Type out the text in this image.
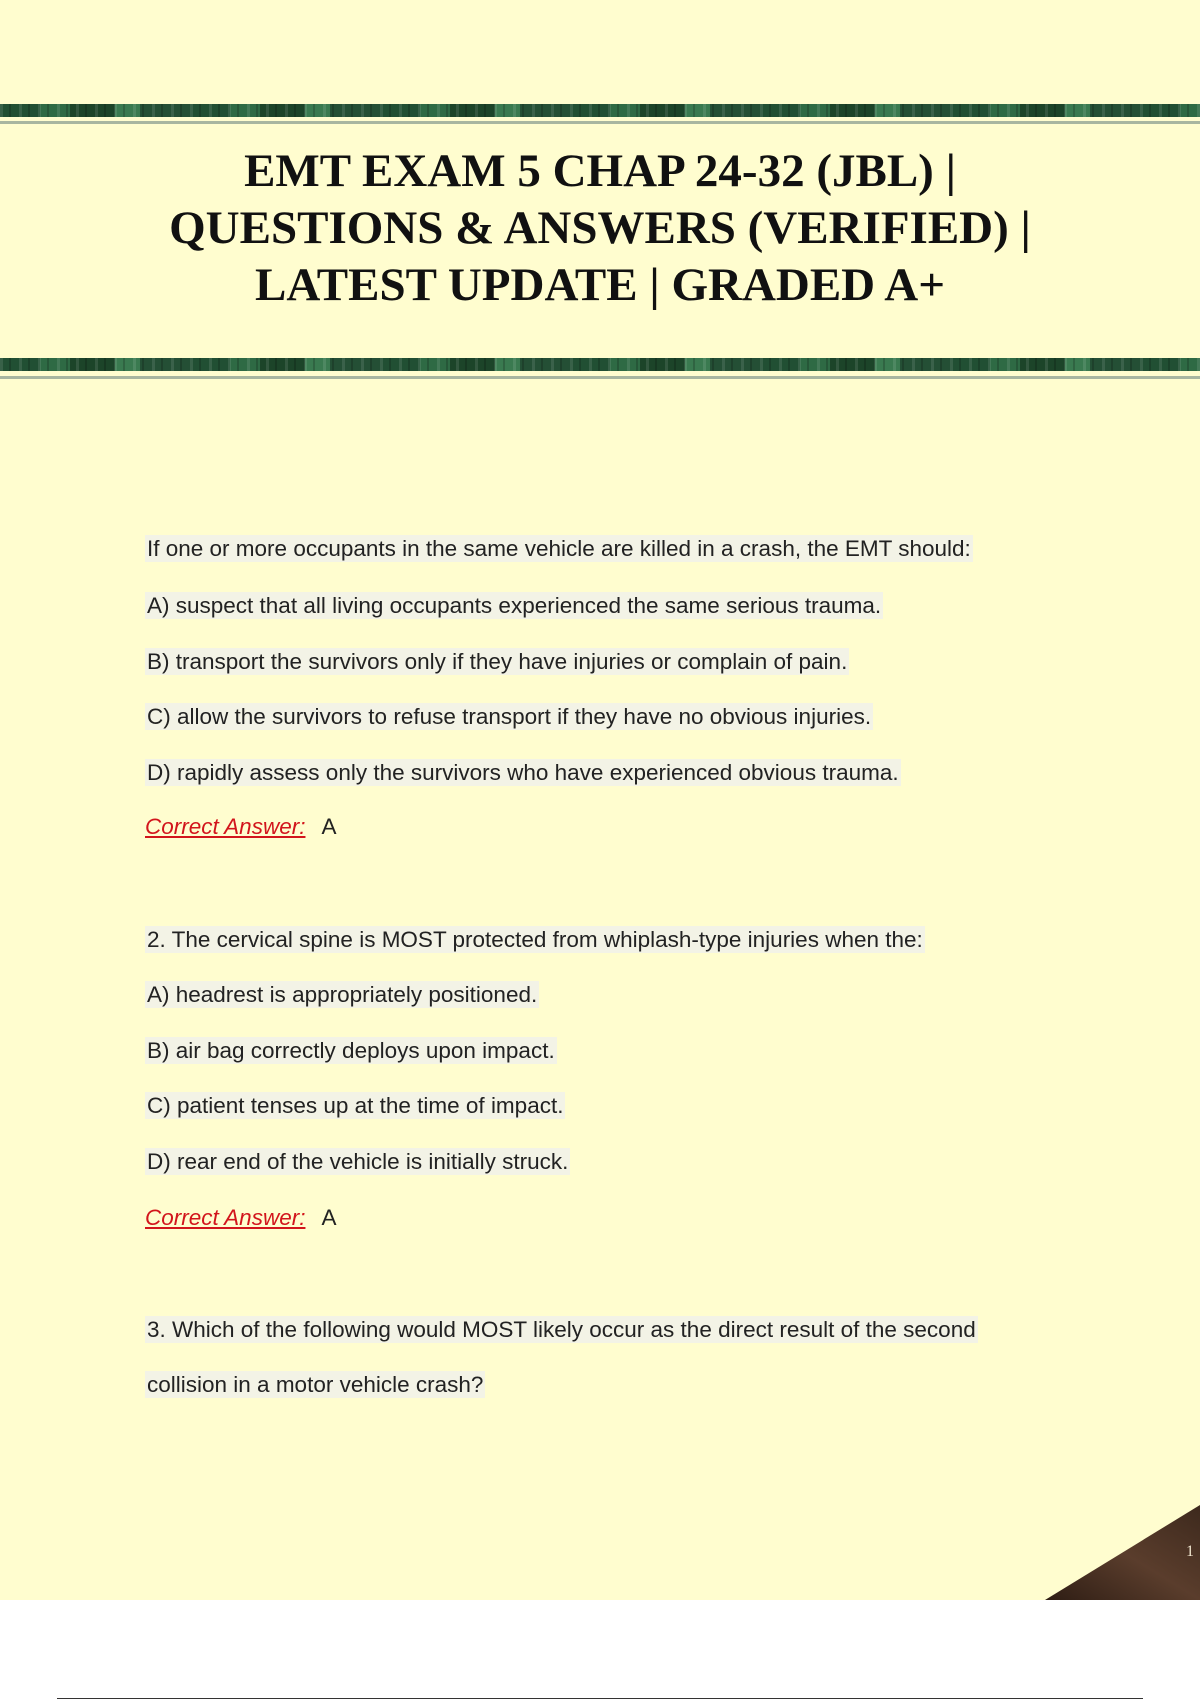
EMT EXAM 5 CHAP 24-32 (JBL) |
QUESTIONS & ANSWERS (VERIFIED) |
LATEST UPDATE | GRADED A+
If one or more occupants in the same vehicle are killed in a crash, the EMT should:
A) suspect that all living occupants experienced the same serious trauma.
B) transport the survivors only if they have injuries or complain of pain.
C) allow the survivors to refuse transport if they have no obvious injuries.
D) rapidly assess only the survivors who have experienced obvious trauma.
Correct Answer: A
2. The cervical spine is MOST protected from whiplash-type injuries when the:
A) headrest is appropriately positioned.
B) air bag correctly deploys upon impact.
C) patient tenses up at the time of impact.
D) rear end of the vehicle is initially struck.
Correct Answer: A
3. Which of the following would MOST likely occur as the direct result of the second
collision in a motor vehicle crash?
1
